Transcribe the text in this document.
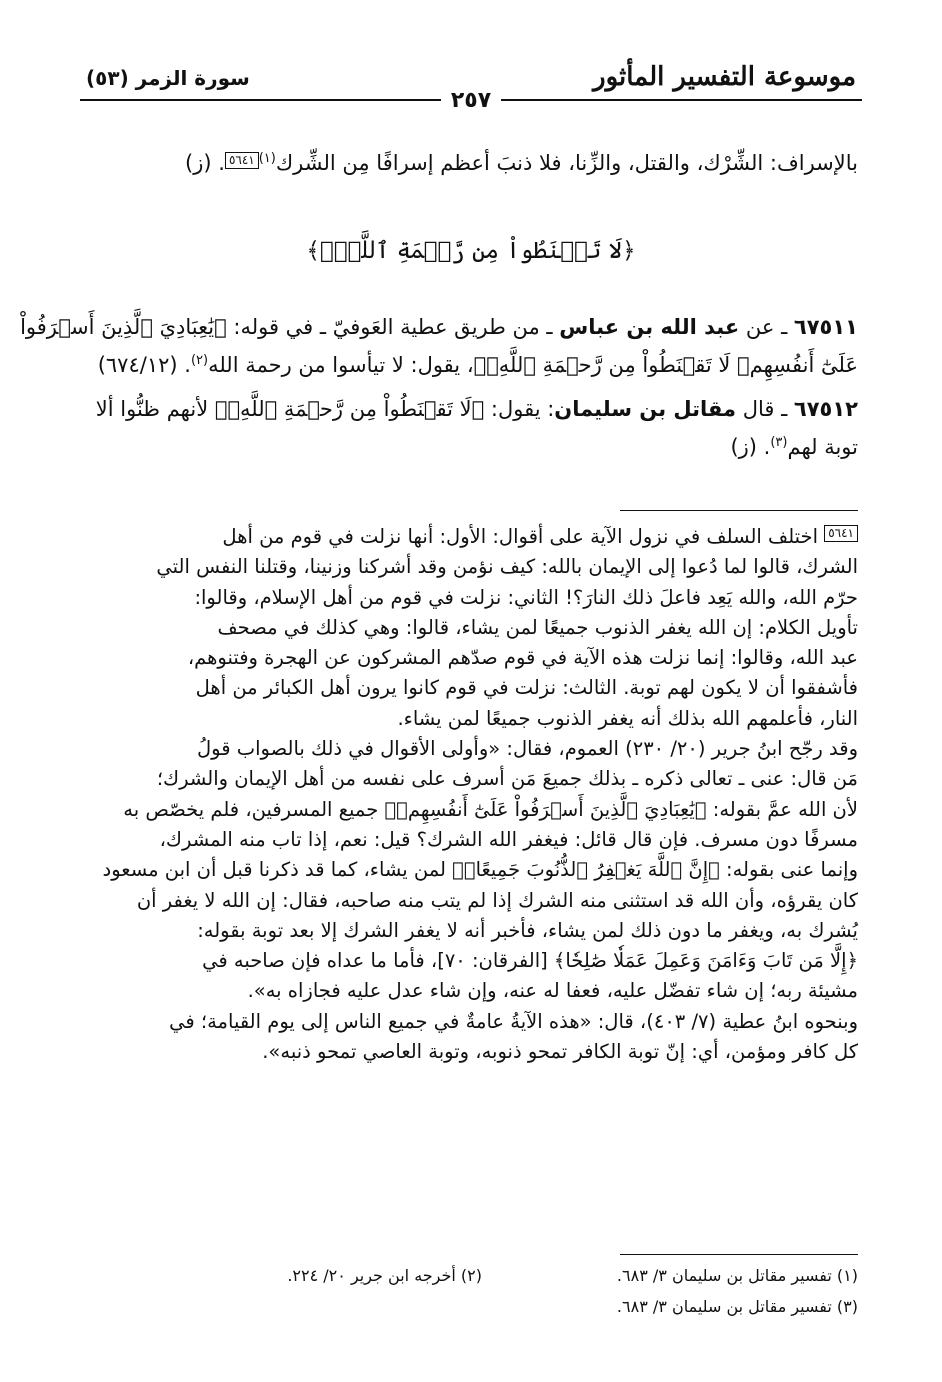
موسوعة التفسير المأثور
سورة الزمر (٥٣)
٢٥٧
بالإسراف: الشِّرْك، والقتل، والزِّنا، فلا ذنبَ أعظم إسرافًا مِن الشِّرك$^{(١)}$٥٦٤١. (ز)
﴿لَا تَقۡنَطُواْ مِن رَّحۡمَةِ ٱللَّهِۚ﴾
٦٧٥١١ ـ عن عبد الله بن عباس ـ من طريق عطية العَوفيّ ـ في قوله: ﴿يَٰعِبَادِيَ ٱلَّذِينَ أَسۡرَفُواْ
عَلَىٰٓ أَنفُسِهِمۡ لَا تَقۡنَطُواْ مِن رَّحۡمَةِ ٱللَّهِۚ﴾، يقول: لا تيأسوا من رحمة الله$^{(٢)}$. (٦٧٤/١٢)
٦٧٥١٢ ـ قال مقاتل بن سليمان: يقول: ﴿لَا تَقۡنَطُواْ مِن رَّحۡمَةِ ٱللَّهِۚ﴾ لأنهم ظنُّوا ألا
توبة لهم$^{(٣)}$. (ز)
٥٦٤١ اختلف السلف في نزول الآية على أقوال: الأول: أنها نزلت في قوم من أهل
الشرك، قالوا لما دُعوا إلى الإيمان بالله: كيف نؤمن وقد أشركنا وزنينا، وقتلنا النفس التي
حرّم الله، والله يَعِد فاعلَ ذلك النارَ؟! الثاني: نزلت في قوم من أهل الإسلام، وقالوا:
تأويل الكلام: إن الله يغفر الذنوب جميعًا لمن يشاء، قالوا: وهي كذلك في مصحف
عبد الله، وقالوا: إنما نزلت هذه الآية في قوم صدّهم المشركون عن الهجرة وفتنوهم،
فأشفقوا أن لا يكون لهم توبة. الثالث: نزلت في قوم كانوا يرون أهل الكبائر من أهل
النار، فأعلمهم الله بذلك أنه يغفر الذنوب جميعًا لمن يشاء.
وقد رجّح ابنُ جرير (٢٠/ ٢٣٠) العموم، فقال: «وأولى الأقوال في ذلك بالصواب قولُ
مَن قال: عنى ـ تعالى ذكره ـ بذلك جميعَ مَن أسرف على نفسه من أهل الإيمان والشرك؛
لأن الله عمَّ بقوله: ﴿يَٰعِبَادِيَ ٱلَّذِينَ أَسۡرَفُواْ عَلَىٰٓ أَنفُسِهِمۡ﴾ جميع المسرفين، فلم يخصّص به
مسرفًا دون مسرف. فإن قال قائل: فيغفر الله الشرك؟ قيل: نعم، إذا تاب منه المشرك،
وإنما عنى بقوله: ﴿إِنَّ ٱللَّهَ يَغۡفِرُ ٱلذُّنُوبَ جَمِيعًاۚ﴾ لمن يشاء، كما قد ذكرنا قبل أن ابن مسعود
كان يقرؤه، وأن الله قد استثنى منه الشرك إذا لم يتب منه صاحبه، فقال: إن الله لا يغفر أن
يُشرك به، ويغفر ما دون ذلك لمن يشاء، فأخبر أنه لا يغفر الشرك إلا بعد توبة بقوله:
﴿إِلَّا مَن تَابَ وَءَامَنَ وَعَمِلَ عَمَلٗا صَٰلِحٗا﴾ [الفرقان: ٧٠]، فأما ما عداه فإن صاحبه في
مشيئة ربه؛ إن شاء تفضّل عليه، فعفا له عنه، وإن شاء عدل عليه فجازاه به».
وبنحوه ابنُ عطية (٧/ ٤٠٣)، قال: «هذه الآيةُ عامةٌ في جميع الناس إلى يوم القيامة؛ في
كل كافر ومؤمن، أي: إنّ توبة الكافر تمحو ذنوبه، وتوبة العاصي تمحو ذنبه».
(١) تفسير مقاتل بن سليمان ٣/ ٦٨٣.
(٢) أخرجه ابن جرير ٢٠/ ٢٢٤.
(٣) تفسير مقاتل بن سليمان ٣/ ٦٨٣.
